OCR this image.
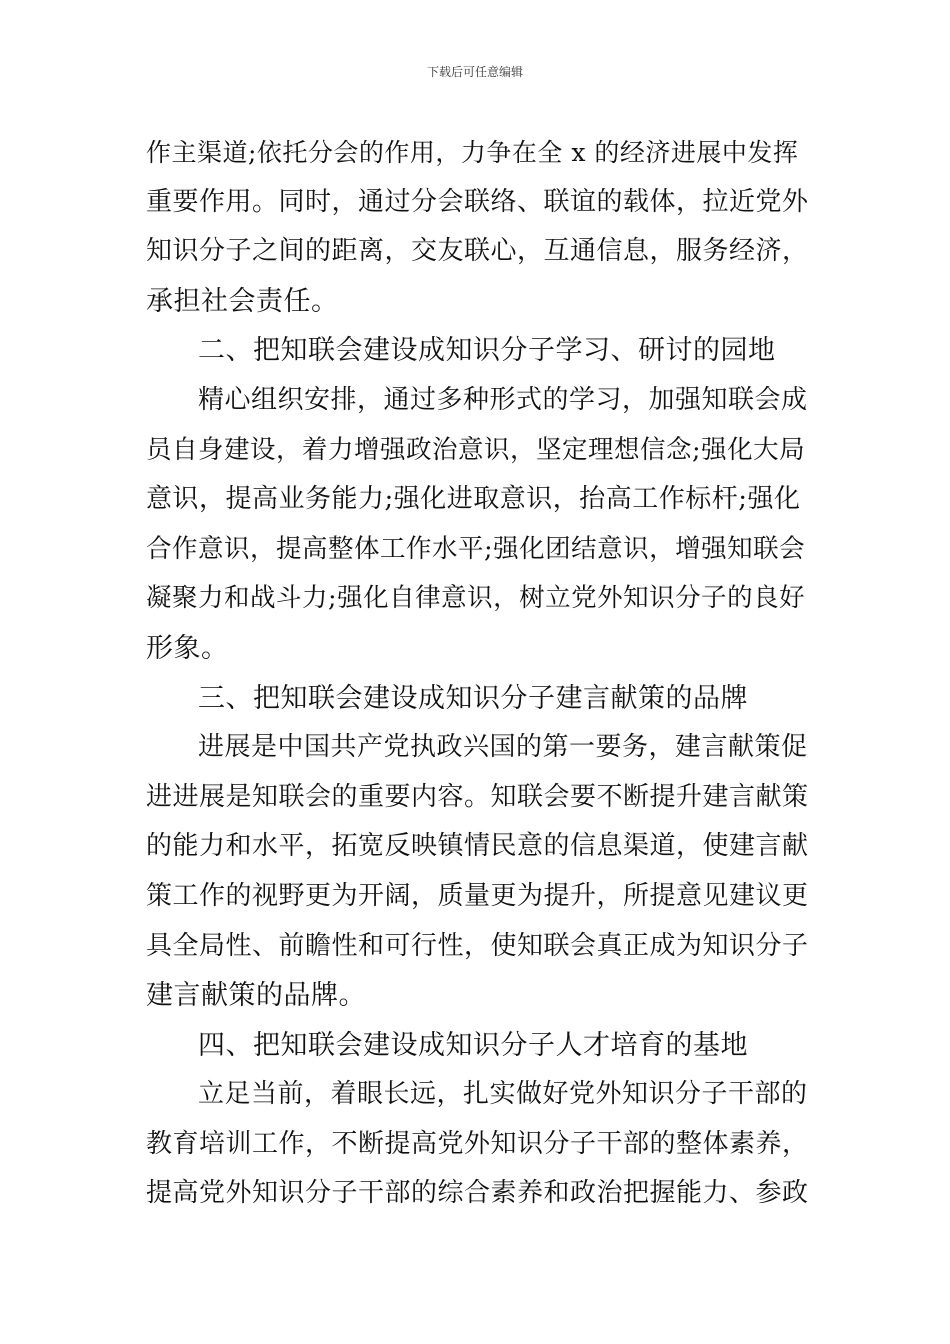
下载后可任意编辑
作主渠道;依托分会的作用，力争在全 x 的经济进展中发挥
重要作用。同时，通过分会联络、联谊的载体，拉近党外
知识分子之间的距离，交友联心，互通信息，服务经济，
承担社会责任。
二、把知联会建设成知识分子学习、研讨的园地
精心组织安排，通过多种形式的学习，加强知联会成
员自身建设，着力增强政治意识，坚定理想信念;强化大局
意识，提高业务能力;强化进取意识，抬高工作标杆;强化
合作意识，提高整体工作水平;强化团结意识，增强知联会
凝聚力和战斗力;强化自律意识，树立党外知识分子的良好
形象。
三、把知联会建设成知识分子建言献策的品牌
进展是中国共产党执政兴国的第一要务，建言献策促
进进展是知联会的重要内容。知联会要不断提升建言献策
的能力和水平，拓宽反映镇情民意的信息渠道，使建言献
策工作的视野更为开阔，质量更为提升，所提意见建议更
具全局性、前瞻性和可行性，使知联会真正成为知识分子
建言献策的品牌。
四、把知联会建设成知识分子人才培育的基地
立足当前，着眼长远，扎实做好党外知识分子干部的
教育培训工作，不断提高党外知识分子干部的整体素养，
提高党外知识分子干部的综合素养和政治把握能力、参政
